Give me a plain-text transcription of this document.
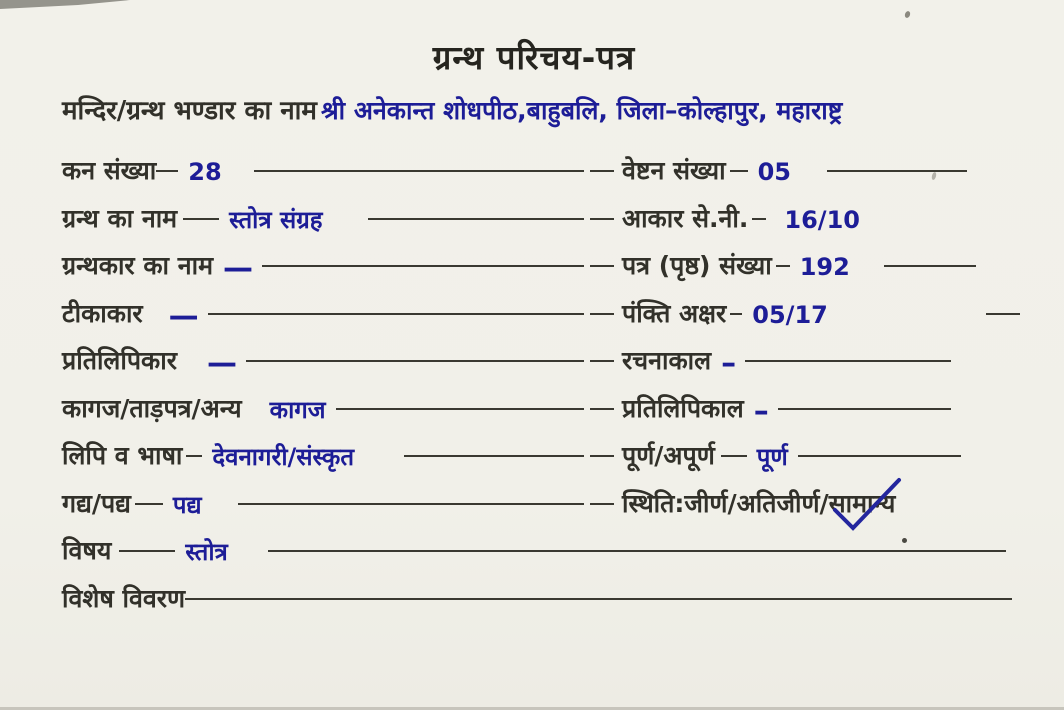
ग्रन्थ परिचय-पत्र
मन्दिर/ग्रन्थ भण्डार का नाम श्री अनेकान्त शोधपीठ,बाहुबलि, जिला–कोल्हापुर, महाराष्ट्र
कन संख्या 28	वेष्टन संख्या 05
ग्रन्थ का नाम स्तोत्र संग्रह	आकार से.नी. 16/10
ग्रन्थकार का नाम —	पत्र (पृष्ठ) संख्या 192
टीकाकार —	पंक्ति अक्षर 05/17
प्रतिलिपिकार —	रचनाकाल –
कागज/ताड़पत्र/अन्य कागज	प्रतिलिपिकाल –
लिपि व भाषा देवनागरी/संस्कृत	पूर्ण/अपूर्ण पूर्ण
गद्य/पद्य पद्य	स्थिति:जीर्ण/अतिजीर्ण/ सामान्य
विषय	स्तोत्र
विशेष विवरण
